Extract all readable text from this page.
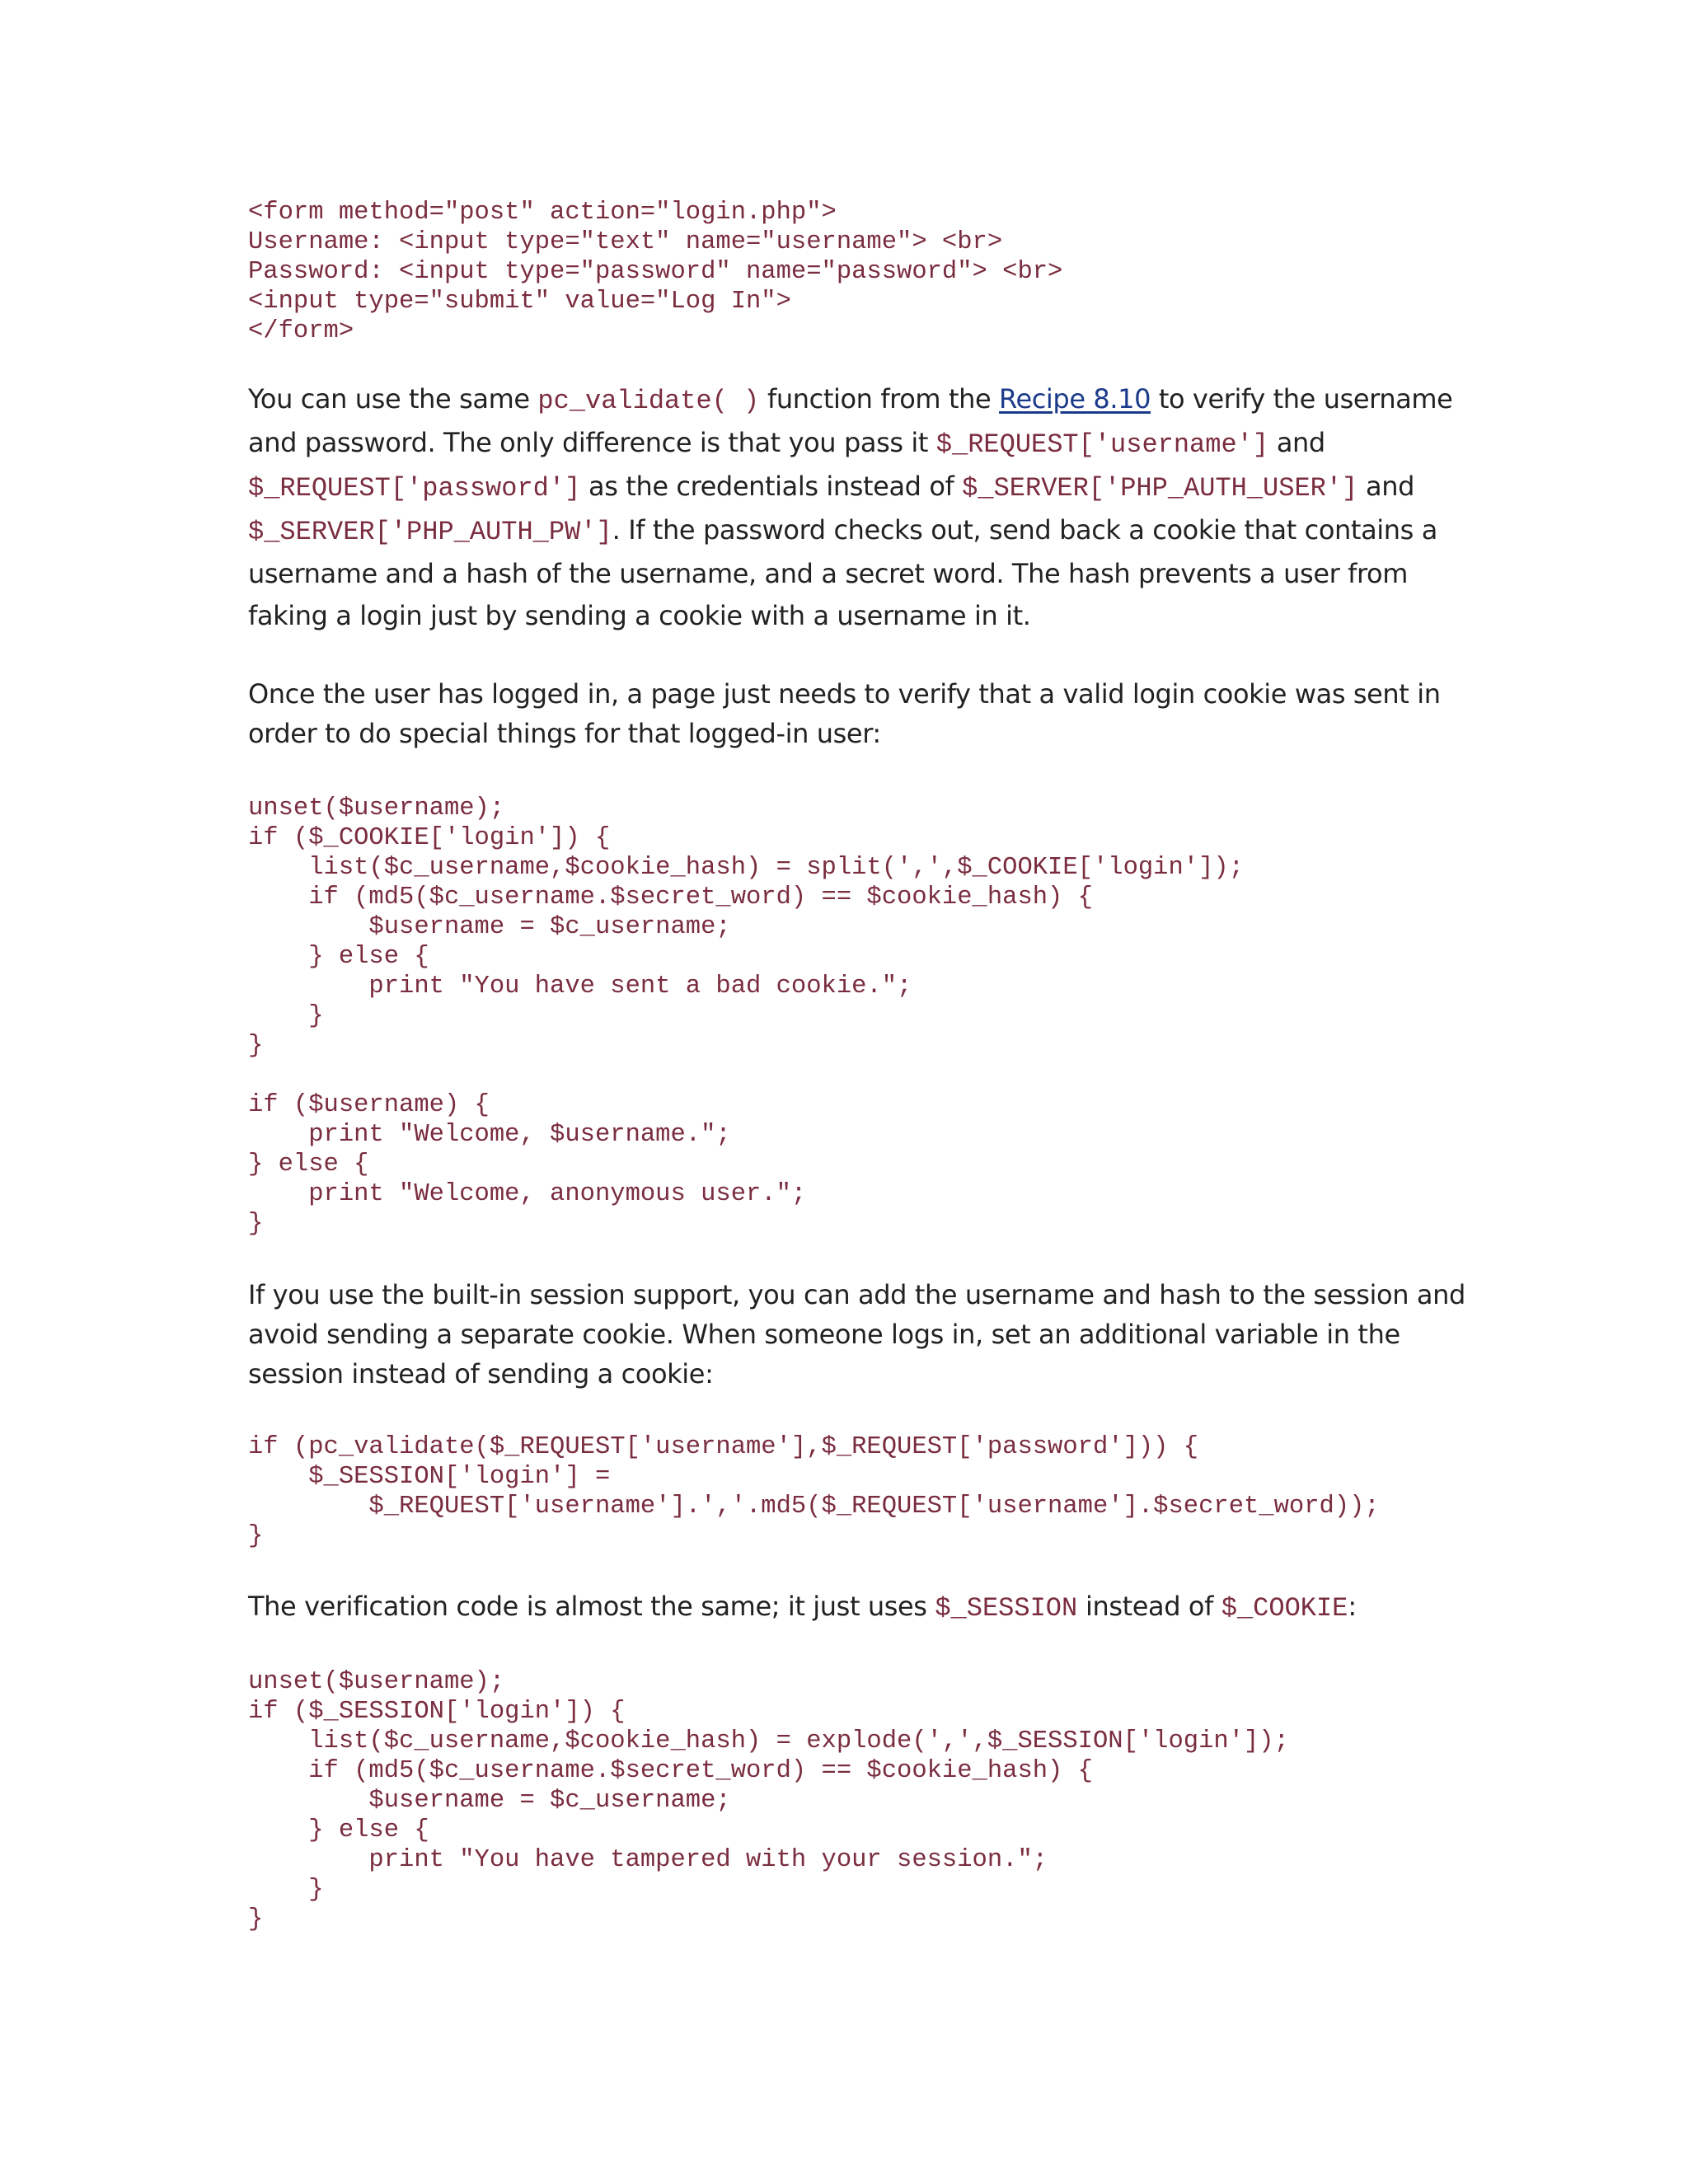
<form method="post" action="login.php">
Username: <input type="text" name="username"> <br>
Password: <input type="password" name="password"> <br>
<input type="submit" value="Log In">
</form>

You can use the same pc_validate( ) function from the Recipe 8.10 to verify the username
and password. The only difference is that you pass it $_REQUEST['username'] and
$_REQUEST['password'] as the credentials instead of $_SERVER['PHP_AUTH_USER'] and
$_SERVER['PHP_AUTH_PW']. If the password checks out, send back a cookie that contains a
username and a hash of the username, and a secret word. The hash prevents a user from
faking a login just by sending a cookie with a username in it.

Once the user has logged in, a page just needs to verify that a valid login cookie was sent in
order to do special things for that logged-in user:

unset($username);
if ($_COOKIE['login']) {
list($c_username,$cookie_hash) = split(',',$_COOKIE['login']);
if (md5($c_username.$secret_word) == $cookie_hash) {
$username = $c_username;
} else {
print "You have sent a bad cookie.";
}
}

if ($username) {
print "Welcome, $username.";
} else {
print "Welcome, anonymous user.";
}

If you use the built-in session support, you can add the username and hash to the session and
avoid sending a separate cookie. When someone logs in, set an additional variable in the
session instead of sending a cookie:

if (pc_validate($_REQUEST['username'],$_REQUEST['password'])) {
$_SESSION['login'] =
$_REQUEST['username'].','.md5($_REQUEST['username'].$secret_word));
}

The verification code is almost the same; it just uses $_SESSION instead of $_COOKIE:

unset($username);
if ($_SESSION['login']) {
list($c_username,$cookie_hash) = explode(',',$_SESSION['login']);
if (md5($c_username.$secret_word) == $cookie_hash) {
$username = $c_username;
} else {
print "You have tampered with your session.";
}
}
